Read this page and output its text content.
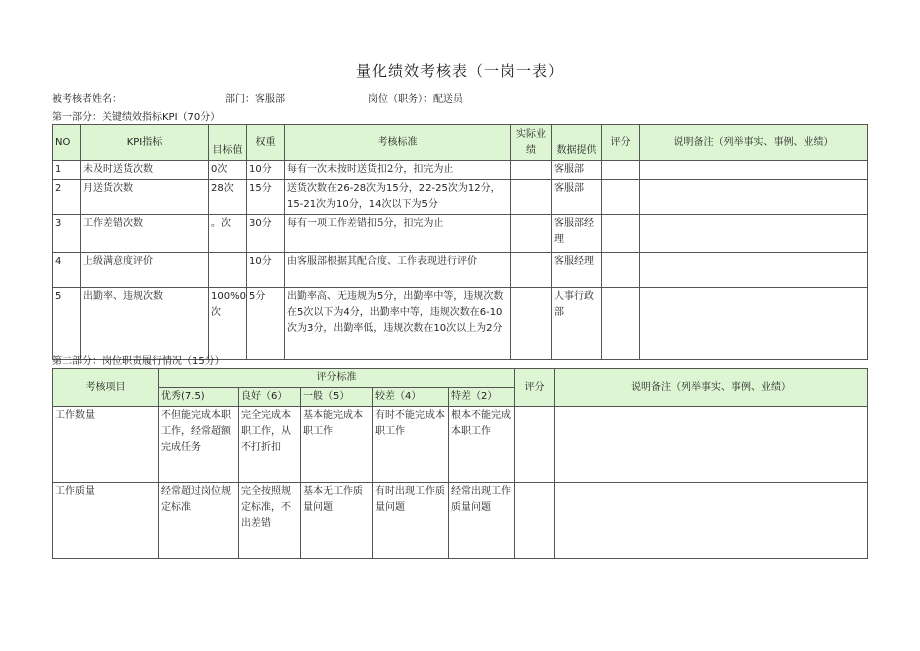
量化绩效考核表（一岗一表）
被考核者姓名：	部门：客服部	岗位（职务）：配送员
第一部分：关键绩效指标KPI（70分）
NO	KPI指标	目标值	权重	考核标准	实际业绩	数据提供	评分	说明备注（列举事实、事例、业绩）
1	未及时送货次数	0次	10分	每有一次未按时送货扣2分，扣完为止		客服部		
2	月送货次数	28次	15分	送货次数在26-28次为15分，22-25次为12分，15-21次为10分，14次以下为5分		客服部		
3	工作差错次数	。次	30分	每有一项工作差错扣5分，扣完为止		客服部经理		
4	上级满意度评价		10分	由客服部根据其配合度、工作表现进行评价		客服经理		
5	出勤率、违规次数	100%0次	5分	出勤率高、无违规为5分，出勤率中等，违规次数在5次以下为4分，出勤率中等，违规次数在6-10次为3分，出勤率低，违规次数在10次以上为2分		人事行政部		
第二部分：岗位职责履行情况（15分）
考核项目	评分标准					评分	说明备注（列举事实、事例、业绩）
	优秀(7.5)	良好（6）	一般（5）	较差（4）	特差（2）		
工作数量	不但能完成本职工作，经常超额完成任务	完全完成本职工作，从不打折扣	基本能完成本职工作	有时不能完成本职工作	根本不能完成本职工作		
工作质量	经常超过岗位规定标准	完全按照规定标准，不出差错	基本无工作质量问题	有时出现工作质量问题	经常出现工作质量问题		
